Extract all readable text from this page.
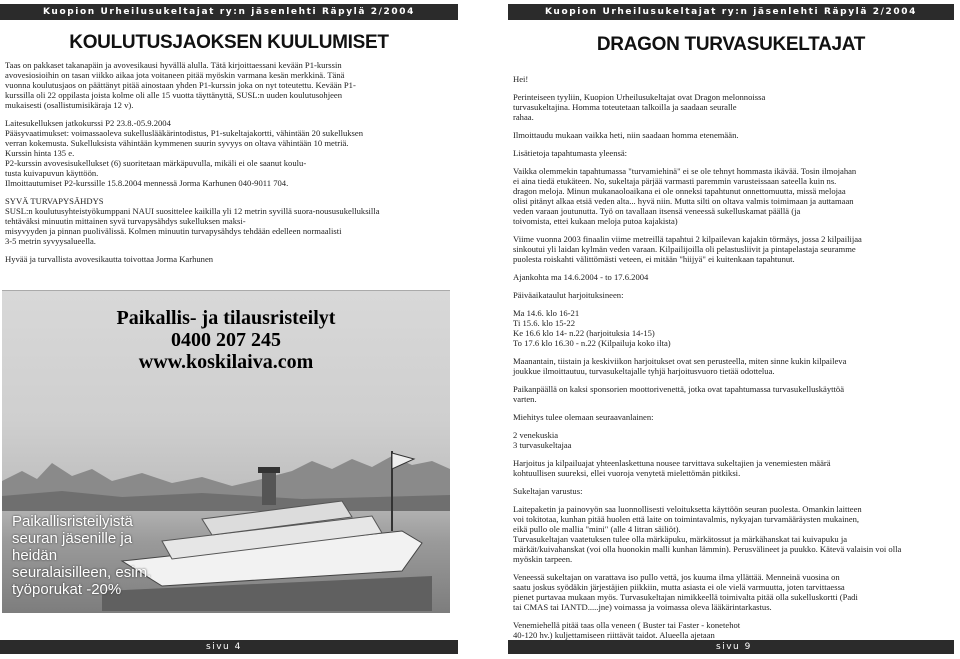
Kuopion Urheilusukeltajat ry:n jäsenlehti Räpylä 2/2004
KOULUTUSJAOKSEN KUULUMISET

Taas on pakkaset takanapäin ja avovesikausi hyvällä alulla. Tätä kirjoittaessani kevään P1-kurssin
avovesiosioihin on tasan viikko aikaa jota voitaneen pitää myöskin varmana kesän merkkinä. Tänä
vuonna koulutusjaos on päättänyt pitää ainostaan yhden P1-kurssin joka on nyt toteutettu. Kevään P1-
kurssilla oli 22 oppilasta joista kolme oli alle 15 vuotta täyttänyttä, SUSL:n uuden koulutusohjeen
mukaisesti (osallistumisikäraja 12 v).

Laitesukelluksen jatkokurssi P2 23.8.-05.9.2004
Pääsyvaatimukset: voimassaoleva sukelluslääkärintodistus, P1-sukeltajakortti, vähintään 20 sukelluksen
verran kokemusta. Sukelluksista vähintään kymmenen suurin syvyys on oltava vähintään 10 metriä.
Kurssin hinta 135 e.
P2-kurssin avovesisukellukset (6) suoritetaan märkäpuvulla, mikäli ei ole saanut koulu-
tusta kuivapuvun käyttöön.
Ilmoittautumiset P2-kurssille 15.8.2004 mennessä Jorma Karhunen 040-9011 704.

SYVÄ TURVAPYSÄHDYS
SUSL:n koulutusyhteistyökumppani NAUI suosittelee kaikilla yli 12 metrin syvillä suora-noususukelluksilla
tehtäväksi minuutin mittainen syvä turvapysähdys sukelluksen maksi-
misyvyyden ja pinnan puolivälissä. Kolmen minuutin turvapysähdys tehdään edelleen normaalisti
3-5 metrin syvyysalueella.

Hyvää ja turvallista avovesikautta toivottaa Jorma Karhunen

Paikallis- ja tilausristeilyt
0400 207 245
www.koskilaiva.com
Paikallisristeilyistä
seuran jäsenille ja
heidän
seuralaisilleen, esim.
työporukat -20%
sivu 4
Kuopion Urheilusukeltajat ry:n jäsenlehti Räpylä 2/2004
DRAGON TURVASUKELTAJAT

Hei!

Perinteiseen tyyliin, Kuopion Urheilusukeltajat ovat Dragon melonnoissa
turvasukeltajina. Homma toteutetaan talkoilla ja saadaan seuralle
rahaa.

Ilmoittaudu mukaan vaikka heti, niin saadaan homma etenemään.

Lisätietoja tapahtumasta yleensä:

Vaikka olemmekin tapahtumassa "turvamiehinä" ei se ole tehnyt hommasta ikävää. Tosin ilmojahan
ei aina tiedä etukäteen. No, sukeltaja pärjää varmasti paremmin varusteissaan sateella kuin ns.
dragon meloja. Minun mukanaoloaikana ei ole onneksi tapahtunut onnettomuutta, missä melojaa
olisi pitänyt alkaa etsiä veden alta... hyvä niin. Mutta silti on oltava valmis toimimaan ja auttamaan
veden varaan joutunutta. Työ on tavallaan itsensä veneessä sukelluskamat päällä (ja
toivomista, ettei kukaan meloja putoa kajakista)

Viime vuonna 2003 finaalin viime metreillä tapahtui 2 kilpailevan kajakin törmäys, jossa 2 kilpailijaa
sinkoutui yli laidan kylmän veden varaan. Kilpailijoilla oli pelastusliivit ja pintapelastaja seuramme
puolesta roiskahti välittömästi veteen, ei mitään "hiijyä" ei kuitenkaan tapahtunut.

Ajankohta ma 14.6.2004 - to 17.6.2004

Päiväaikataulut harjoituksineen:

Ma 14.6. klo 16-21
Ti 15.6. klo 15-22
Ke 16.6 klo 14- n.22 (harjoituksia 14-15)
To 17.6 klo 16.30 - n.22 (Kilpailuja koko ilta)

Maanantain, tiistain ja keskiviikon harjoitukset ovat sen perusteella, miten sinne kukin kilpaileva
joukkue ilmoittautuu, turvasukeltajalle tyhjä harjoitusvuoro tietää odottelua.

Paikanpäällä on kaksi sponsorien moottorivenettä, jotka ovat tapahtumassa turvasukelluskäyttöä
varten.

Miehitys tulee olemaan seuraavanlainen:

2 venekuskia
3 turvasukeltajaa

Harjoitus ja kilpailuajat yhteenlaskettuna nousee tarvittava sukeltajien ja venemiesten määrä
kohtuullisen suureksi, ellei vuoroja venytetä mielettömän pitkiksi.

Sukeltajan varustus:

Laitepaketin ja painovyön saa luonnollisesti veloituksetta käyttöön seuran puolesta. Omankin laitteen
voi tokitotaa, kunhan pitää huolen että laite on toimintavalmis, nykyajan turvamääräysten mukainen,
eikä pullo ole mallia "mini" (alle 4 litran säiliöt).
Turvasukeltajan vaatetuksen tulee olla märkäpuku, märkätossut ja märkähanskat tai kuivapuku ja
märkät/kuivahanskat (voi olla huonokin malli kunhan lämmin). Perusvälineet ja puukko. Kätevä valaisin voi olla
myöskin tarpeen.

Veneessä sukeltajan on varattava iso pullo vettä, jos kuuma ilma yllättää. Menneinä vuosina on
saatu joskus syödäkin järjestäjien piikkiin, mutta asiasta ei ole vielä varmuutta, joten tarvittaessa
pienet purtavaa mukaan myös. Turvasukeltajan nimikkeellä toimivalta pitää olla sukelluskortti (Padi
tai CMAS tai IANTD.....jne) voimassa ja voimassa oleva lääkärintarkastus.

Venemiehellä pitää taas olla veneen ( Buster tai Faster - konetehot
40-120 hv.) kuljettamiseen riittävät taidot. Alueella ajetaan

sivu 9
